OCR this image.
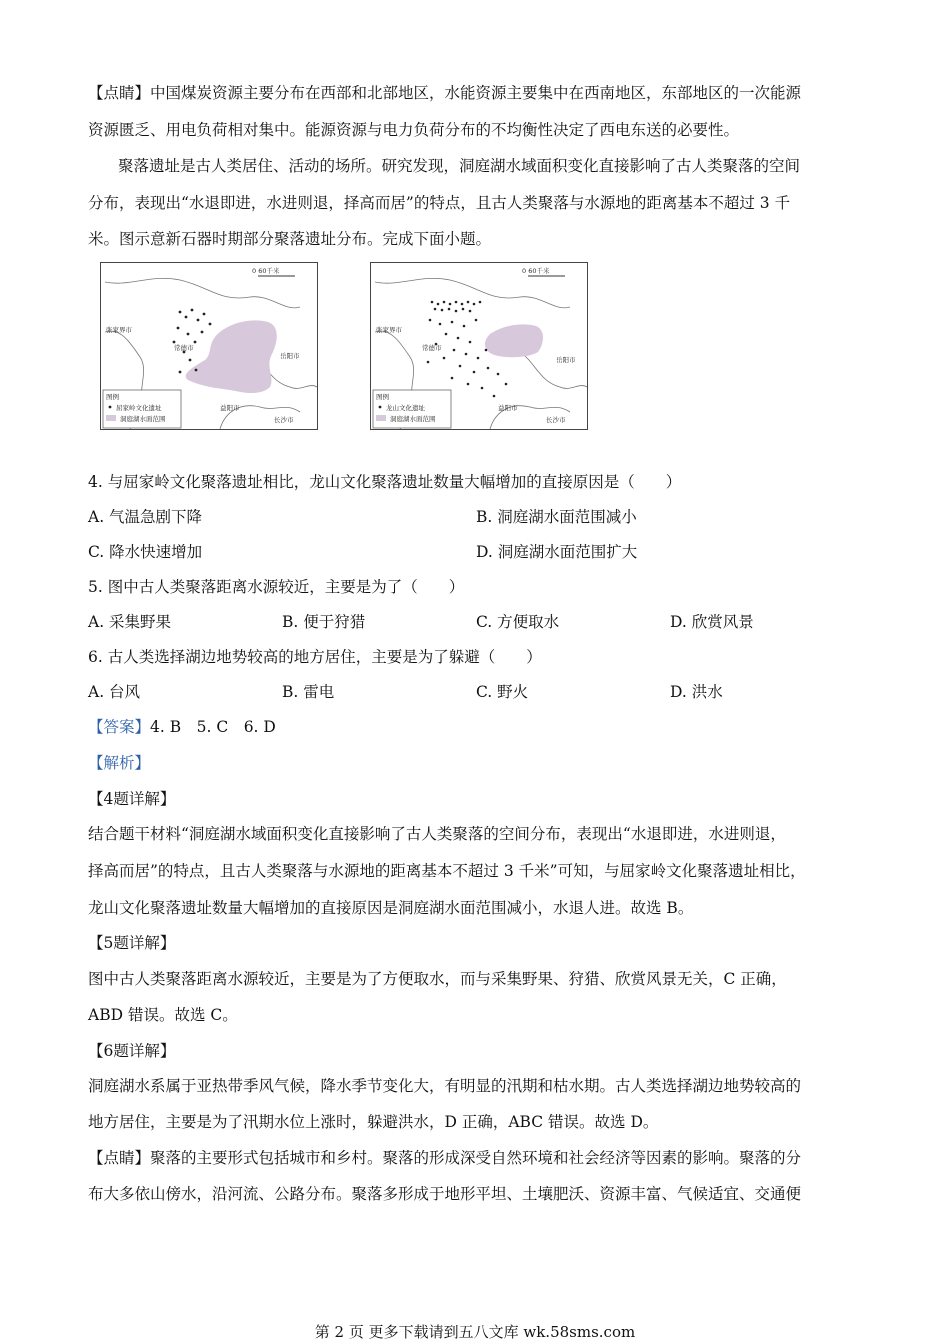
【点睛】中国煤炭资源主要分布在西部和北部地区，水能资源主要集中在西南地区，东部地区的一次能源
资源匮乏、用电负荷相对集中。能源资源与电力负荷分布的不均衡性决定了西电东送的必要性。
聚落遗址是古人类居住、活动的场所。研究发现，洞庭湖水域面积变化直接影响了古人类聚落的空间
分布，表现出“水退即进，水进则退，择高而居”的特点，且古人类聚落与水源地的距离基本不超过 3 千
米。图示意新石器时期部分聚落遗址分布。完成下面小题。
0 60千米
张家界市
常德市
岳阳市
益阳市
长沙市
图例
屈家岭文化遗址
洞庭湖水面范围
0 60千米
张家界市
常德市
岳阳市
益阳市
长沙市
图例
龙山文化遗址
洞庭湖水面范围
4. 与屈家岭文化聚落遗址相比，龙山文化聚落遗址数量大幅增加的直接原因是（　　）
A. 气温急剧下降	B. 洞庭湖水面范围减小
C. 降水快速增加	D. 洞庭湖水面范围扩大
5. 图中古人类聚落距离水源较近，主要是为了（　　）
A. 采集野果	B. 便于狩猎	C. 方便取水	D. 欣赏风景
6. 古人类选择湖边地势较高的地方居住，主要是为了躲避（　　）
A. 台风	B. 雷电	C. 野火	D. 洪水
【答案】4. B　5. C　6. D
【解析】
【4题详解】
结合题干材料“洞庭湖水域面积变化直接影响了古人类聚落的空间分布，表现出“水退即进，水进则退，
择高而居”的特点，且古人类聚落与水源地的距离基本不超过 3 千米”可知，与屈家岭文化聚落遗址相比，
龙山文化聚落遗址数量大幅增加的直接原因是洞庭湖水面范围减小，水退人进。故选 B。
【5题详解】
图中古人类聚落距离水源较近，主要是为了方便取水，而与采集野果、狩猎、欣赏风景无关，C 正确，
ABD 错误。故选 C。
【6题详解】
洞庭湖水系属于亚热带季风气候，降水季节变化大，有明显的汛期和枯水期。古人类选择湖边地势较高的
地方居住，主要是为了汛期水位上涨时，躲避洪水，D 正确，ABC 错误。故选 D。
【点睛】聚落的主要形式包括城市和乡村。聚落的形成深受自然环境和社会经济等因素的影响。聚落的分
布大多依山傍水，沿河流、公路分布。聚落多形成于地形平坦、土壤肥沃、资源丰富、气候适宜、交通便
第 2 页 更多下载请到五八文库 wk.58sms.com
